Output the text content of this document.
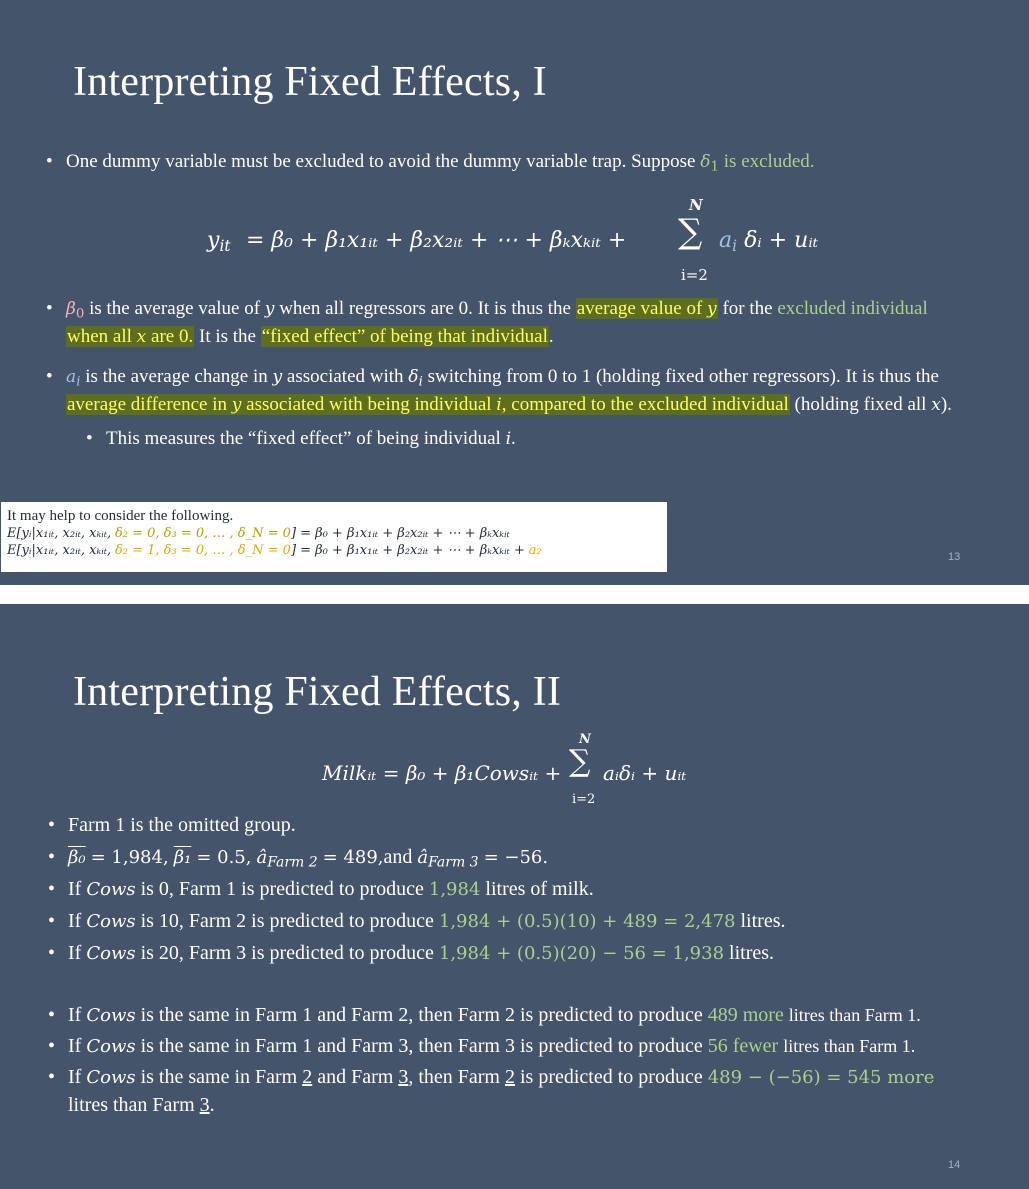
Interpreting Fixed Effects, I
• One dummy variable must be excluded to avoid the dummy variable trap. Suppose $\delta_1$ is excluded.
$y_{it} = \beta_0$ + β₁x₁ᵢₜ + β₂x₂ᵢₜ + ⋯ + βₖxₖᵢₜ +
N
∑
i=2
$a_i$ δᵢ + uᵢₜ
• $\beta_0$ is the average value of y when all regressors are 0. It is thus the average value of y for the excluded individual
when all x are 0. It is the “fixed effect” of being that individual.
• $a_i$ is the average change in y associated with $\delta_i$ switching from 0 to 1 (holding fixed other regressors). It is thus the
average difference in y associated with being individual i, compared to the excluded individual (holding fixed all x).
• This measures the “fixed effect” of being individual i.
It may help to consider the following.
E[yᵢ|x₁ᵢₜ, x₂ᵢₜ, xₖᵢₜ, δ₂ = 0, δ₃ = 0, … , δ_N = 0] = β₀ + β₁x₁ᵢₜ + β₂x₂ᵢₜ + ⋯ + βₖxₖᵢₜ
E[yᵢ|x₁ᵢₜ, x₂ᵢₜ, xₖᵢₜ, δ₂ = 1, δ₃ = 0, … , δ_N = 0] = β₀ + β₁x₁ᵢₜ + β₂x₂ᵢₜ + ⋯ + βₖxₖᵢₜ + a₂	13
Interpreting Fixed Effects, II
Milkᵢₜ = β₀ + β₁Cowsᵢₜ +
N
∑
i=2
aᵢδᵢ + uᵢₜ
• Farm 1 is the omitted group.
• β₀ = 1,984, β₁ = 0.5, $â_{Farm 2} = 489,and$ $â_{Farm 3} = -56$.
• If Cows is 0, Farm 1 is predicted to produce 1,984 litres of milk.
• If Cows is 10, Farm 2 is predicted to produce 1,984 + (0.5)(10) + 489 = 2,478 litres.
• If Cows is 20, Farm 3 is predicted to produce 1,984 + (0.5)(20) − 56 = 1,938 litres.
• If Cows is the same in Farm 1 and Farm 2, then Farm 2 is predicted to produce 489 more litres than Farm 1.
• If Cows is the same in Farm 1 and Farm 3, then Farm 3 is predicted to produce 56 fewer litres than Farm 1.
• If Cows is the same in Farm 2 and Farm 3, then Farm 2 is predicted to produce 489 − (−56) = 545 more
litres than Farm 3.
14
